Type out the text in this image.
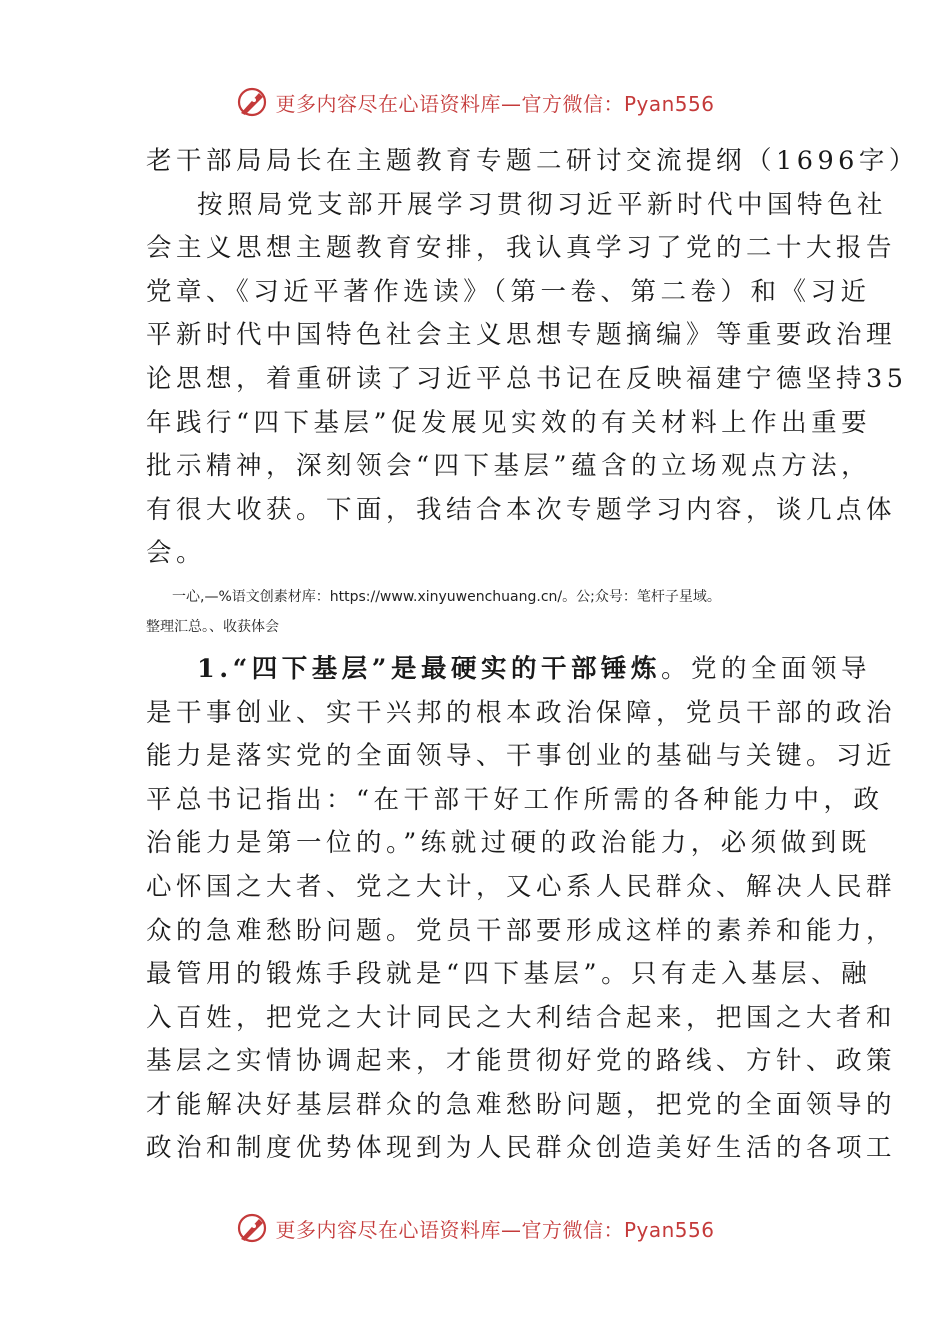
更多内容尽在心语资料库—官方微信：Pyan556
老干部局局长在主题教育专题二研讨交流提纲（1696字）
按照局党支部开展学习贯彻习近平新时代中国特色社
会主义思想主题教育安排，我认真学习了党的二十大报告
党章、《习近平著作选读》（第一卷、第二卷）和《习近
平新时代中国特色社会主义思想专题摘编》等重要政治理
论思想，着重研读了习近平总书记在反映福建宁德坚持35
年践行“四下基层”促发展见实效的有关材料上作出重要
批示精神，深刻领会“四下基层”蕴含的立场观点方法，
有很大收获。下面，我结合本次专题学习内容，谈几点体
会。
一心,—%语文创素材库：https://www.xinyuwenchuang.cn/。公;众号：笔杆子星域。
整理汇总。、收获体会
1.“四下基层”是最硬实的干部锤炼。党的全面领导
是干事创业、实干兴邦的根本政治保障，党员干部的政治
能力是落实党的全面领导、干事创业的基础与关键。习近
平总书记指出：“在干部干好工作所需的各种能力中，政
治能力是第一位的。”练就过硬的政治能力，必须做到既
心怀国之大者、党之大计，又心系人民群众、解决人民群
众的急难愁盼问题。党员干部要形成这样的素养和能力，
最管用的锻炼手段就是“四下基层”。只有走入基层、融
入百姓，把党之大计同民之大利结合起来，把国之大者和
基层之实情协调起来，才能贯彻好党的路线、方针、政策
才能解决好基层群众的急难愁盼问题，把党的全面领导的
政治和制度优势体现到为人民群众创造美好生活的各项工
更多内容尽在心语资料库—官方微信：Pyan556
